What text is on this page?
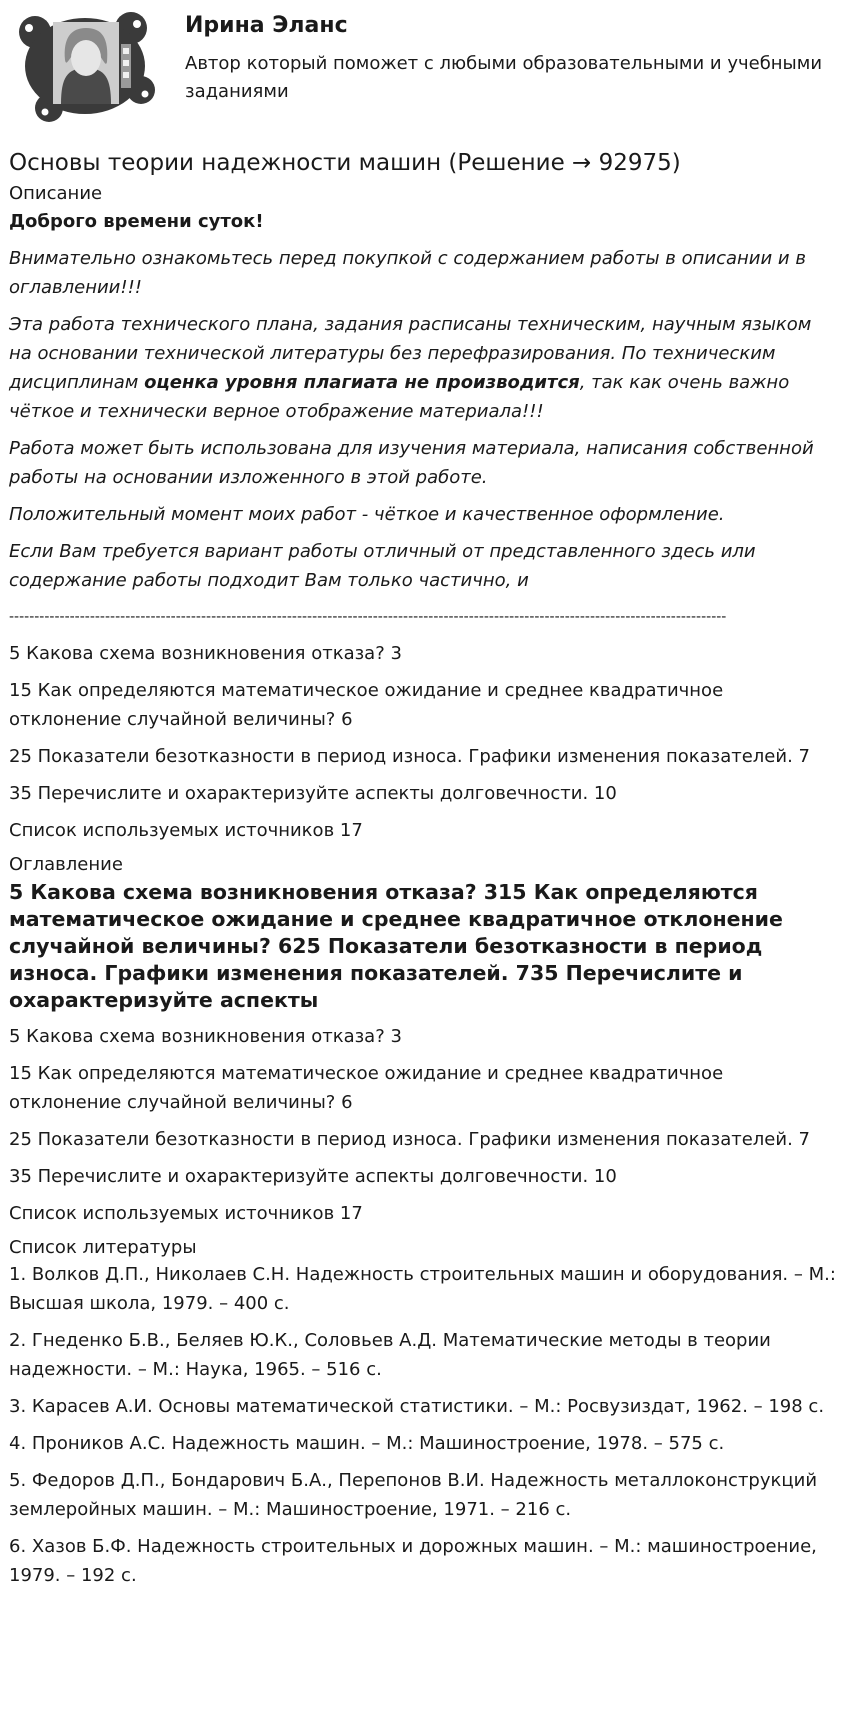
Ирина Эланс
Автор который поможет с любыми образовательными и учебными заданиями
Основы теории надежности машин (Решение → 92975)
Описание

Доброго времени суток!

Внимательно ознакомьтесь перед покупкой с содержанием работы в описании и в оглавлении!!!

Эта работа технического плана, задания расписаны техническим, научным языком на основании технической литературы без перефразирования. По техническим дисциплинам оценка уровня плагиата не производится, так как очень важно чёткое и технически верное отображение материала!!!

Работа может быть использована для изучения материала, написания собственной работы на основании изложенного в этой работе.

Положительный момент моих работ - чёткое и качественное оформление.

Если Вам требуется вариант работы отличный от представленного здесь или содержание работы подходит Вам только частично, и

----------------------------------------------------------------------------------------------------------------------------------------------

5 Какова схема возникновения отказа? 3

15 Как определяются математическое ожидание и среднее квадратичное отклонение случайной величины? 6

25 Показатели безотказности в период износа. Графики изменения показателей. 7

35 Перечислите и охарактеризуйте аспекты долговечности. 10

Список используемых источников 17

Оглавление
5 Какова схема возникновения отказа? 315 Как определяются математическое ожидание и среднее квадратичное отклонение случайной величины? 625 Показатели безотказности в период износа. Графики изменения показателей. 735 Перечислите и охарактеризуйте аспекты

5 Какова схема возникновения отказа? 3

15 Как определяются математическое ожидание и среднее квадратичное отклонение случайной величины? 6

25 Показатели безотказности в период износа. Графики изменения показателей. 7

35 Перечислите и охарактеризуйте аспекты долговечности. 10

Список используемых источников 17

Список литературы

1. Волков Д.П., Николаев С.Н. Надежность строительных машин и оборудования. – М.: Высшая школа, 1979. – 400 с.

2. Гнеденко Б.В., Беляев Ю.К., Соловьев А.Д. Математические методы в теории надежности. – М.: Наука, 1965. – 516 с.

3. Карасев А.И. Основы математической статистики. – М.: Росвузиздат, 1962. – 198 с.

4. Проников А.С. Надежность машин. – М.: Машиностроение, 1978. – 575 с.

5. Федоров Д.П., Бондарович Б.А., Перепонов В.И. Надежность металлоконструкций землеройных машин. – М.: Машиностроение, 1971. – 216 с.

6. Хазов Б.Ф. Надежность строительных и дорожных машин. – М.: машиностроение, 1979. – 192 с.
